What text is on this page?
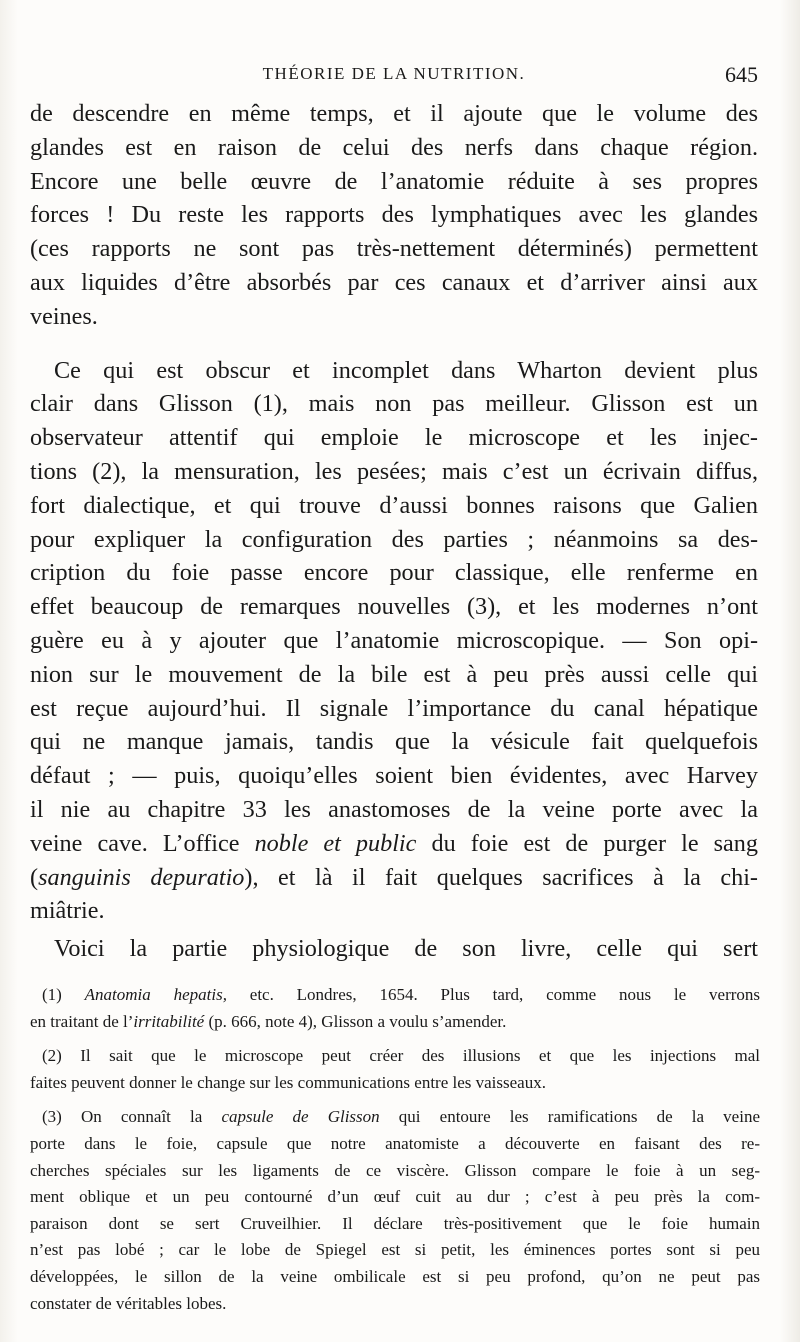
THÉORIE DE LA NUTRITION.	645
de descendre en même temps, et il ajoute que le volume des
glandes est en raison de celui des nerfs dans chaque région.
Encore une belle œuvre de l’anatomie réduite à ses propres
forces ! Du reste les rapports des lymphatiques avec les glandes
(ces rapports ne sont pas très-nettement déterminés) permettent
aux liquides d’être absorbés par ces canaux et d’arriver ainsi aux
veines.
Ce qui est obscur et incomplet dans Wharton devient plus
clair dans Glisson (1), mais non pas meilleur. Glisson est un
observateur attentif qui emploie le microscope et les injec-
tions (2), la mensuration, les pesées; mais c’est un écrivain diffus,
fort dialectique, et qui trouve d’aussi bonnes raisons que Galien
pour expliquer la configuration des parties ; néanmoins sa des-
cription du foie passe encore pour classique, elle renferme en
effet beaucoup de remarques nouvelles (3), et les modernes n’ont
guère eu à y ajouter que l’anatomie microscopique. — Son opi-
nion sur le mouvement de la bile est à peu près aussi celle qui
est reçue aujourd’hui. Il signale l’importance du canal hépatique
qui ne manque jamais, tandis que la vésicule fait quelquefois
défaut ; — puis, quoiqu’elles soient bien évidentes, avec Harvey
il nie au chapitre 33 les anastomoses de la veine porte avec la
veine cave. L’office noble et public du foie est de purger le sang
(sanguinis depuratio), et là il fait quelques sacrifices à la chi-
miâtrie.
Voici la partie physiologique de son livre, celle qui sert
(1) Anatomia hepatis, etc. Londres, 1654. Plus tard, comme nous le verrons
en traitant de l’irritabilité (p. 666, note 4), Glisson a voulu s’amender.
(2) Il sait que le microscope peut créer des illusions et que les injections mal
faites peuvent donner le change sur les communications entre les vaisseaux.
(3) On connaît la capsule de Glisson qui entoure les ramifications de la veine
porte dans le foie, capsule que notre anatomiste a découverte en faisant des re-
cherches spéciales sur les ligaments de ce viscère. Glisson compare le foie à un seg-
ment oblique et un peu contourné d’un œuf cuit au dur ; c’est à peu près la com-
paraison dont se sert Cruveilhier. Il déclare très-positivement que le foie humain
n’est pas lobé ; car le lobe de Spiegel est si petit, les éminences portes sont si peu
développées, le sillon de la veine ombilicale est si peu profond, qu’on ne peut pas
constater de véritables lobes.
